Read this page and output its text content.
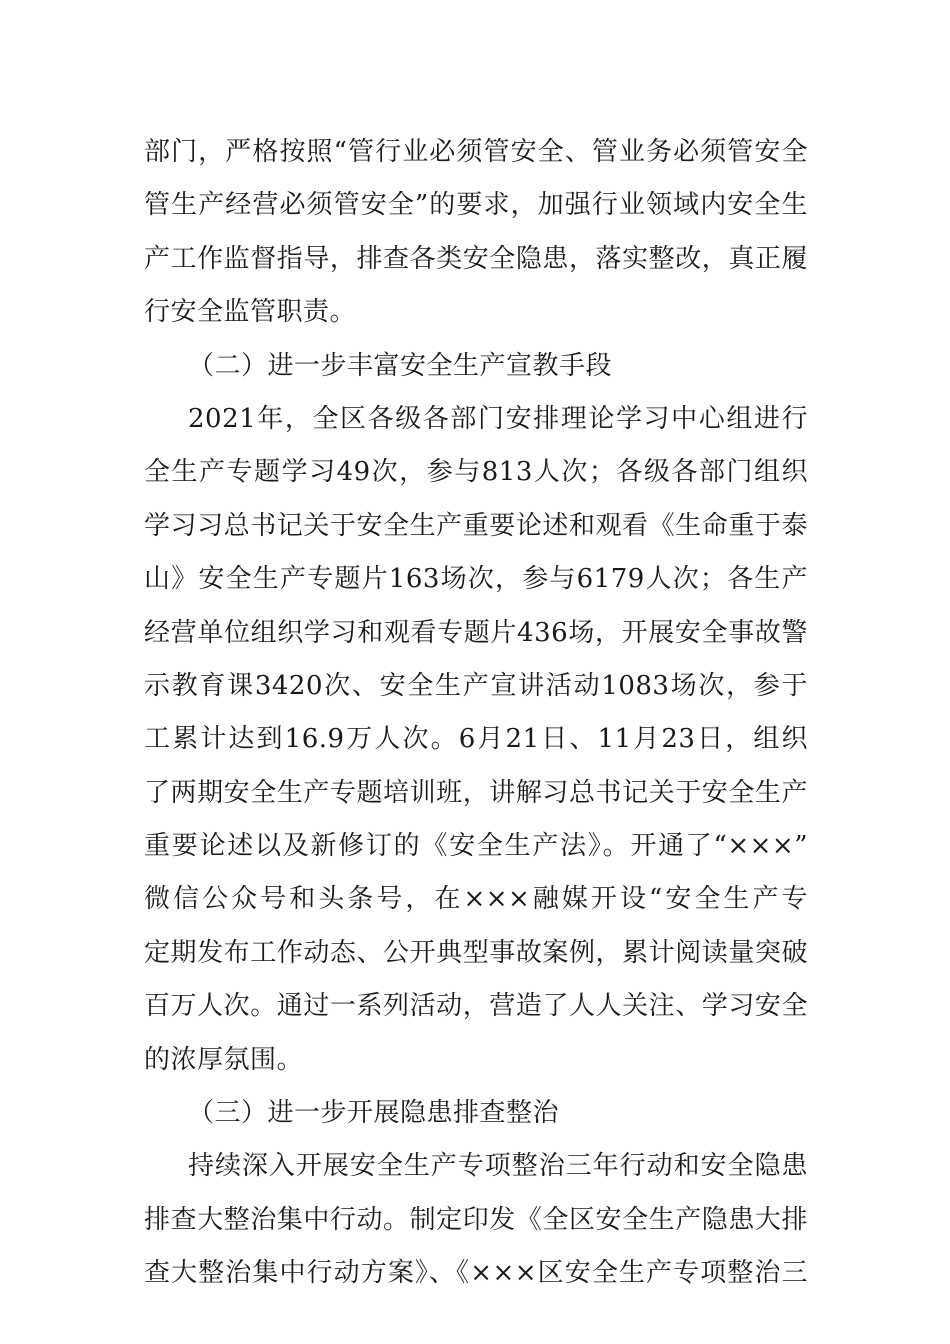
部门，严格按照“管行业必须管安全、管业务必须管安全
管生产经营必须管安全”的要求，加强行业领域内安全生
产工作监督指导，排查各类安全隐患，落实整改，真正履
行安全监管职责。
（二）进一步丰富安全生产宣教手段
2021年，全区各级各部门安排理论学习中心组进行
全生产专题学习49次，参与813人次；各级各部门组织
学习习总书记关于安全生产重要论述和观看《生命重于泰
山》安全生产专题片163场次，参与6179人次；各生产
经营单位组织学习和观看专题片436场，开展安全事故警
示教育课3420次、安全生产宣讲活动1083场次，参于
工累计达到16.9万人次。6月21日、11月23日，组织
了两期安全生产专题培训班，讲解习总书记关于安全生产
重要论述以及新修订的《安全生产法》。开通了“×××”
微信公众号和头条号，在×××融媒开设“安全生产专
定期发布工作动态、公开典型事故案例，累计阅读量突破
百万人次。通过一系列活动，营造了人人关注、学习安全
的浓厚氛围。
（三）进一步开展隐患排查整治
持续深入开展安全生产专项整治三年行动和安全隐患
排查大整治集中行动。制定印发《全区安全生产隐患大排
查大整治集中行动方案》、《×××区安全生产专项整治三
